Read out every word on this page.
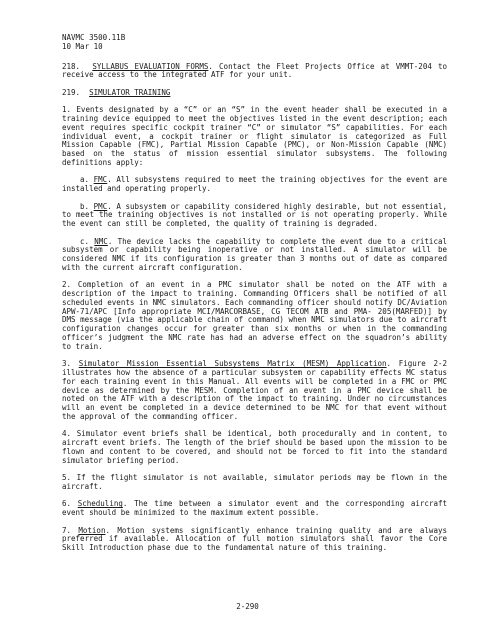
NAVMC 3500.11B
10 Mar 10

218. SYLLABUS EVALUATION FORMS. Contact the Fleet Projects Office at VMMT-204 to receive access to the integrated ATF for your unit.

219. SIMULATOR TRAINING

1. Events designated by a “C” or an “S” in the event header shall be executed in a training device equipped to meet the objectives listed in the event description; each event requires specific cockpit trainer “C” or simulator “S” capabilities. For each individual event, a cockpit trainer or flight simulator is categorized as Full Mission Capable (FMC), Partial Mission Capable (PMC), or Non-Mission Capable (NMC) based on the status of mission essential simulator subsystems. The following definitions apply:

a. FMC. All subsystems required to meet the training objectives for the event are installed and operating properly.

b. PMC. A subsystem or capability considered highly desirable, but not essential, to meet the training objectives is not installed or is not operating properly. While the event can still be completed, the quality of training is degraded.

c. NMC. The device lacks the capability to complete the event due to a critical subsystem or capability being inoperative or not installed. A simulator will be considered NMC if its configuration is greater than 3 months out of date as compared with the current aircraft configuration.

2. Completion of an event in a PMC simulator shall be noted on the ATF with a description of the impact to training. Commanding Officers shall be notified of all scheduled events in NMC simulators. Each commanding officer should notify DC/Aviation APW-71/APC [Info appropriate MCI/MARCORBASE, CG TECOM ATB and PMA- 205(MARFED)] by DMS message (via the applicable chain of command) when NMC simulators due to aircraft configuration changes occur for greater than six months or when in the commanding officer’s judgment the NMC rate has had an adverse effect on the squadron’s ability to train.

3. Simulator Mission Essential Subsystems Matrix (MESM) Application. Figure 2-2 illustrates how the absence of a particular subsystem or capability effects MC status for each training event in this Manual. All events will be completed in a FMC or PMC device as determined by the MESM. Completion of an event in a PMC device shall be noted on the ATF with a description of the impact to training. Under no circumstances will an event be completed in a device determined to be NMC for that event without the approval of the commanding officer.

4. Simulator event briefs shall be identical, both procedurally and in content, to aircraft event briefs. The length of the brief should be based upon the mission to be flown and content to be covered, and should not be forced to fit into the standard simulator briefing period.

5. If the flight simulator is not available, simulator periods may be flown in the aircraft.

6. Scheduling. The time between a simulator event and the corresponding aircraft event should be minimized to the maximum extent possible.

7. Motion. Motion systems significantly enhance training quality and are always preferred if available. Allocation of full motion simulators shall favor the Core Skill Introduction phase due to the fundamental nature of this training.

2-290
